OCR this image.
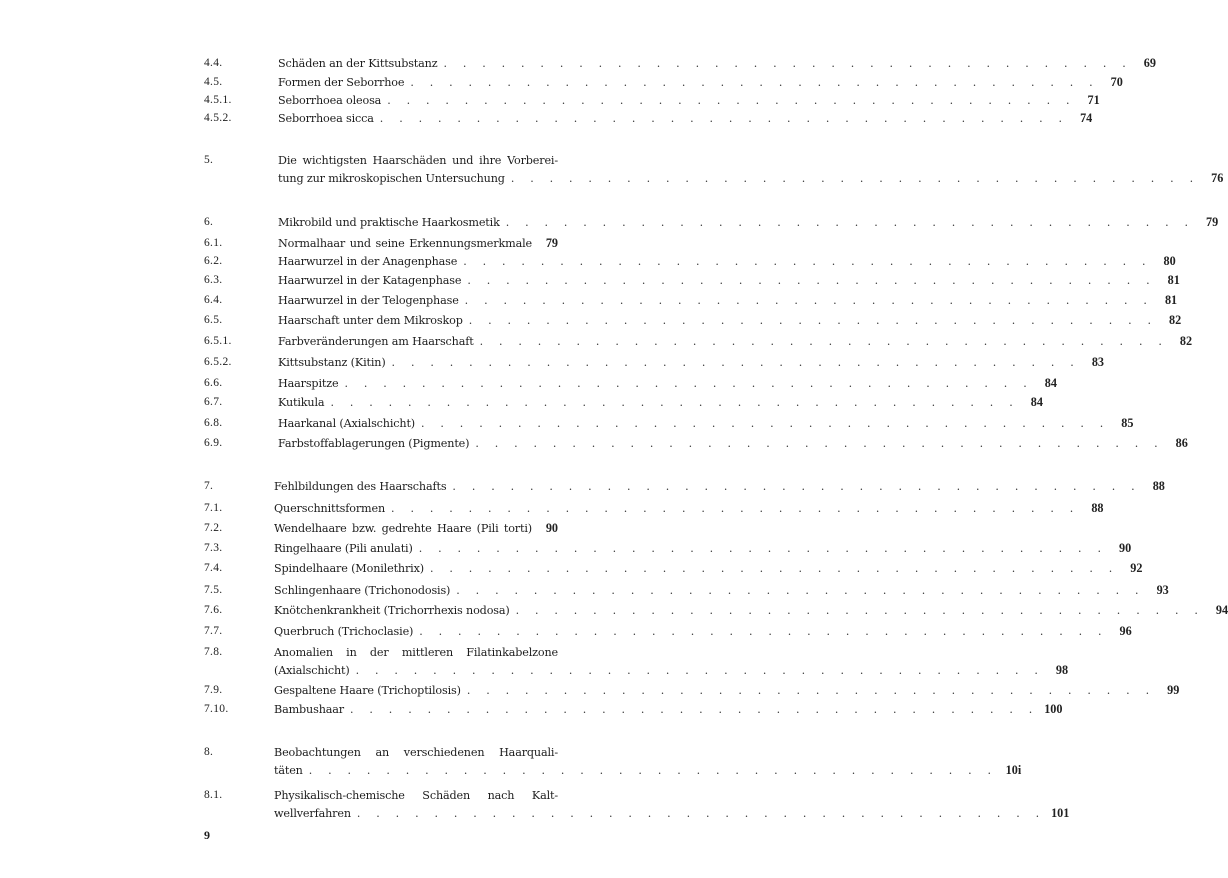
4.4.	Schäden an der Kittsubstanz . . . . . . . . . . . . . . . . . . . . . . . . . . . . . . . . . . . . 69
4.5.	Formen der Seborrhoe . . . . . . . . . . . . . . . . . . . . . . . . . . . . . . . . . . . . 70
4.5.1.	Seborrhoea oleosa . . . . . . . . . . . . . . . . . . . . . . . . . . . . . . . . . . . . 71
4.5.2.	Seborrhoea sicca . . . . . . . . . . . . . . . . . . . . . . . . . . . . . . . . . . . . 74
5.	Die wichtigsten Haarschäden und ihre Vorberei-
tung zur mikroskopischen Untersuchung . . . . . . . . . . . . . . . . . . . . . . . . . . . . . . . . . . . . 76
6.	Mikrobild und praktische Haarkosmetik . . . . . . . . . . . . . . . . . . . . . . . . . . . . . . . . . . . . 79
6.1.	Normalhaar und seine Erkennungsmerkmale	79
6.2.	Haarwurzel in der Anagenphase . . . . . . . . . . . . . . . . . . . . . . . . . . . . . . . . . . . . 80
6.3.	Haarwurzel in der Katagenphase . . . . . . . . . . . . . . . . . . . . . . . . . . . . . . . . . . . . 81
6.4.	Haarwurzel in der Telogenphase . . . . . . . . . . . . . . . . . . . . . . . . . . . . . . . . . . . . 81
6.5.	Haarschaft unter dem Mikroskop . . . . . . . . . . . . . . . . . . . . . . . . . . . . . . . . . . . . 82
6.5.1.	Farbveränderungen am Haarschaft . . . . . . . . . . . . . . . . . . . . . . . . . . . . . . . . . . . . 82
6.5.2.	Kittsubstanz (Kitin) . . . . . . . . . . . . . . . . . . . . . . . . . . . . . . . . . . . . 83
6.6.	Haarspitze . . . . . . . . . . . . . . . . . . . . . . . . . . . . . . . . . . . . 84
6.7.	Kutikula . . . . . . . . . . . . . . . . . . . . . . . . . . . . . . . . . . . . 84
6.8.	Haarkanal (Axialschicht) . . . . . . . . . . . . . . . . . . . . . . . . . . . . . . . . . . . . 85
6.9.	Farbstoffablagerungen (Pigmente) . . . . . . . . . . . . . . . . . . . . . . . . . . . . . . . . . . . . 86
7.	Fehlbildungen des Haarschafts . . . . . . . . . . . . . . . . . . . . . . . . . . . . . . . . . . . . 88
7.1.	Querschnittsformen . . . . . . . . . . . . . . . . . . . . . . . . . . . . . . . . . . . . 88
7.2.	Wendelhaare bzw. gedrehte Haare (Pili torti)	90
7.3.	Ringelhaare (Pili anulati) . . . . . . . . . . . . . . . . . . . . . . . . . . . . . . . . . . . . 90
7.4.	Spindelhaare (Monilethrix) . . . . . . . . . . . . . . . . . . . . . . . . . . . . . . . . . . . . 92
7.5.	Schlingenhaare (Trichonodosis) . . . . . . . . . . . . . . . . . . . . . . . . . . . . . . . . . . . . 93
7.6.	Knötchenkrankheit (Trichorrhexis nodosa) . . . . . . . . . . . . . . . . . . . . . . . . . . . . . . . . . . . . 94
7.7.	Querbruch (Trichoclasie) . . . . . . . . . . . . . . . . . . . . . . . . . . . . . . . . . . . . 96
7.8.	Anomalien in der mittleren Filatinkabelzone
(Axialschicht) . . . . . . . . . . . . . . . . . . . . . . . . . . . . . . . . . . . . 98
7.9.	Gespaltene Haare (Trichoptilosis) . . . . . . . . . . . . . . . . . . . . . . . . . . . . . . . . . . . . 99
7.10.	Bambushaar . . . . . . . . . . . . . . . . . . . . . . . . . . . . . . . . . . . . 100
8.	Beobachtungen an verschiedenen Haarquali-
täten . . . . . . . . . . . . . . . . . . . . . . . . . . . . . . . . . . . . 10i
8.1.	Physikalisch-chemische Schäden nach Kalt-
wellverfahren . . . . . . . . . . . . . . . . . . . . . . . . . . . . . . . . . . . . 101
9
